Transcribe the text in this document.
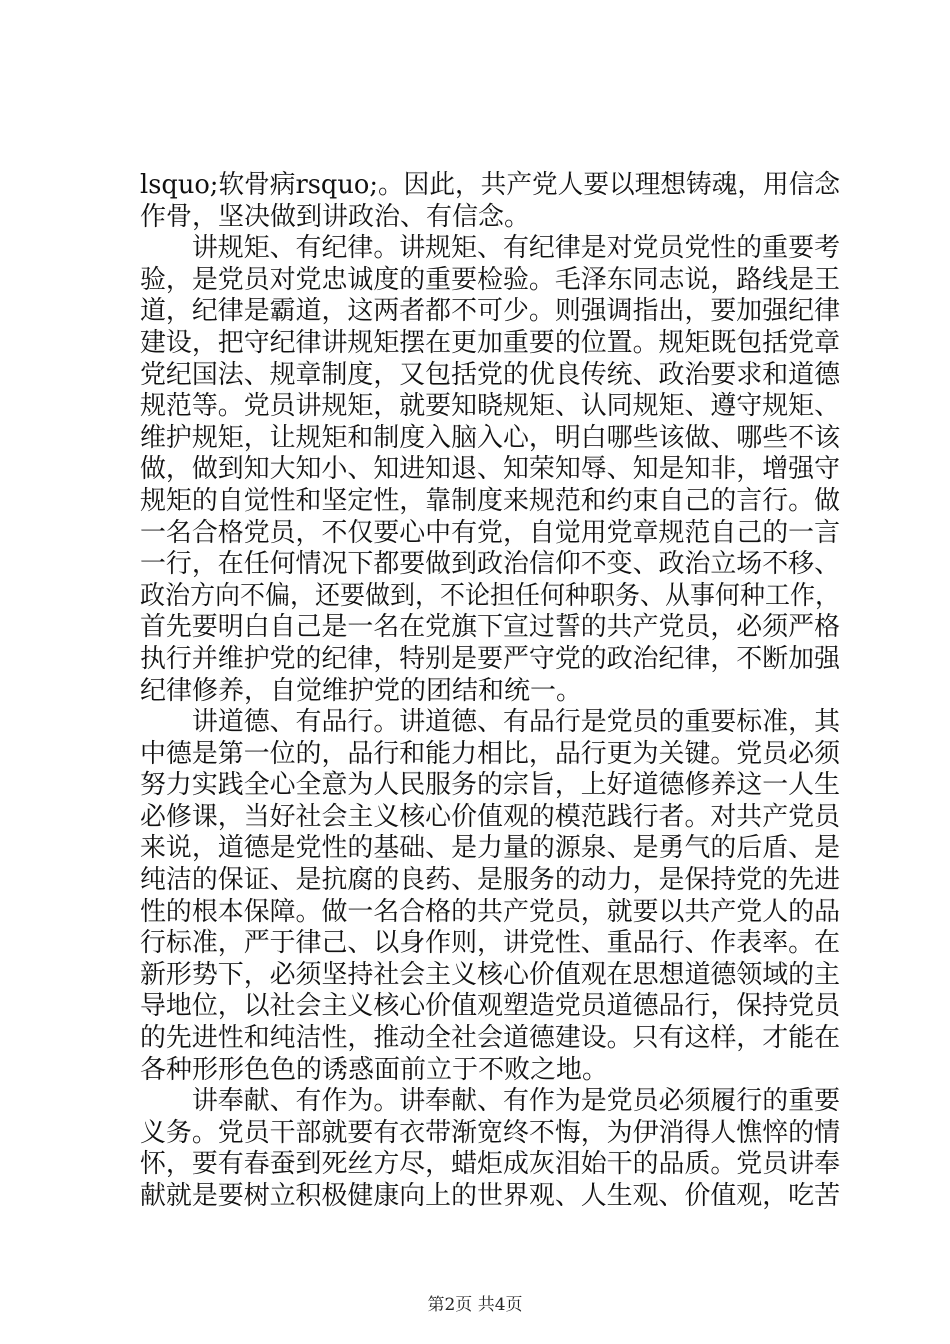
lsquo;软骨病rsquo;。因此，共产党人要以理想铸魂，用信念
作骨，坚决做到讲政治、有信念。
讲规矩、有纪律。讲规矩、有纪律是对党员党性的重要考
验，是党员对党忠诚度的重要检验。毛泽东同志说，路线是王
道，纪律是霸道，这两者都不可少。则强调指出，要加强纪律
建设，把守纪律讲规矩摆在更加重要的位置。规矩既包括党章
党纪国法、规章制度，又包括党的优良传统、政治要求和道德
规范等。党员讲规矩，就要知晓规矩、认同规矩、遵守规矩、
维护规矩，让规矩和制度入脑入心，明白哪些该做、哪些不该
做，做到知大知小、知进知退、知荣知辱、知是知非，增强守
规矩的自觉性和坚定性，靠制度来规范和约束自己的言行。做
一名合格党员，不仅要心中有党，自觉用党章规范自己的一言
一行，在任何情况下都要做到政治信仰不变、政治立场不移、
政治方向不偏，还要做到，不论担任何种职务、从事何种工作，
首先要明白自己是一名在党旗下宣过誓的共产党员，必须严格
执行并维护党的纪律，特别是要严守党的政治纪律，不断加强
纪律修养，自觉维护党的团结和统一。
讲道德、有品行。讲道德、有品行是党员的重要标准，其
中德是第一位的，品行和能力相比，品行更为关键。党员必须
努力实践全心全意为人民服务的宗旨，上好道德修养这一人生
必修课，当好社会主义核心价值观的模范践行者。对共产党员
来说，道德是党性的基础、是力量的源泉、是勇气的后盾、是
纯洁的保证、是抗腐的良药、是服务的动力，是保持党的先进
性的根本保障。做一名合格的共产党员，就要以共产党人的品
行标准，严于律己、以身作则，讲党性、重品行、作表率。在
新形势下，必须坚持社会主义核心价值观在思想道德领域的主
导地位，以社会主义核心价值观塑造党员道德品行，保持党员
的先进性和纯洁性，推动全社会道德建设。只有这样，才能在
各种形形色色的诱惑面前立于不败之地。
讲奉献、有作为。讲奉献、有作为是党员必须履行的重要
义务。党员干部就要有衣带渐宽终不悔，为伊消得人憔悴的情
怀，要有春蚕到死丝方尽，蜡炬成灰泪始干的品质。党员讲奉
献就是要树立积极健康向上的世界观、人生观、价值观，吃苦
第2页 共4页
